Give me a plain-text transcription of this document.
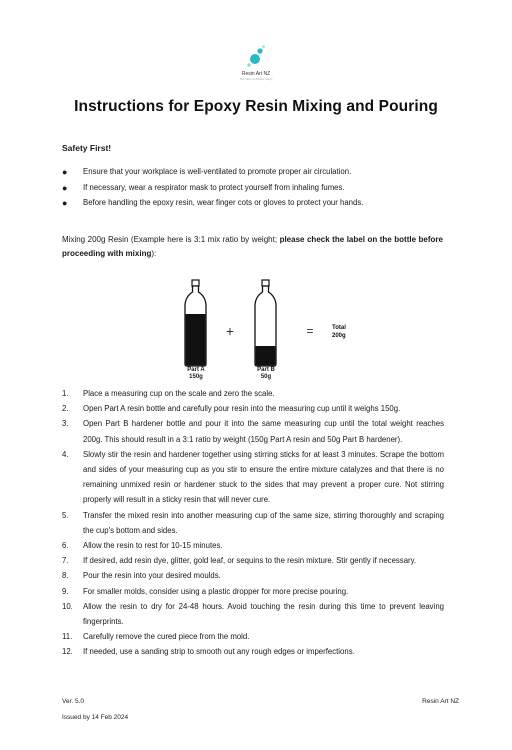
Resin Art NZ
The Way to Artistic Glory
Instructions for Epoxy Resin Mixing and Pouring
Safety First!
●	Ensure that your workplace is well-ventilated to promote proper air circulation.
●	If necessary, wear a respirator mask to protect yourself from inhaling fumes.
●	Before handling the epoxy resin, wear finger cots or gloves to protect your hands.
Mixing 200g Resin (Example here is 3:1 mix ratio by weight; please check the label on the bottle before proceeding with mixing):
+	=	Total
200g
Part A
150g
Part B
50g
1.	Place a measuring cup on the scale and zero the scale.
2.	Open Part A resin bottle and carefully pour resin into the measuring cup until it weighs 150g.
3.	Open Part B hardener bottle and pour it into the same measuring cup until the total weight reaches 200g. This should result in a 3:1 ratio by weight (150g Part A resin and 50g Part B hardener).
4.	Slowly stir the resin and hardener together using stirring sticks for at least 3 minutes. Scrape the bottom and sides of your measuring cup as you stir to ensure the entire mixture catalyzes and that there is no remaining unmixed resin or hardener stuck to the sides that may prevent a proper cure. Not stirring properly will result in a sticky resin that will never cure.
5.	Transfer the mixed resin into another measuring cup of the same size, stirring thoroughly and scraping the cup's bottom and sides.
6.	Allow the resin to rest for 10-15 minutes.
7.	If desired, add resin dye, glitter, gold leaf, or sequins to the resin mixture. Stir gently if necessary.
8.	Pour the resin into your desired moulds.
9.	For smaller molds, consider using a plastic dropper for more precise pouring.
10.	Allow the resin to dry for 24-48 hours. Avoid touching the resin during this time to prevent leaving fingerprints.
11.	Carefully remove the cured piece from the mold.
12.	If needed, use a sanding strip to smooth out any rough edges or imperfections.
Ver. 5.0	Resin Art NZ
Issued by 14 Feb 2024
